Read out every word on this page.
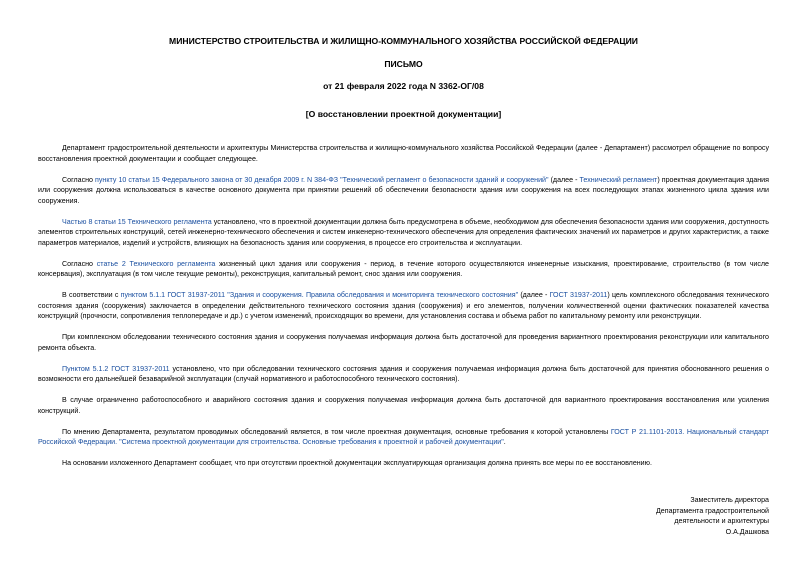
МИНИСТЕРСТВО СТРОИТЕЛЬСТВА И ЖИЛИЩНО-КОММУНАЛЬНОГО ХОЗЯЙСТВА РОССИЙСКОЙ ФЕДЕРАЦИИ
ПИСЬМО
от 21 февраля 2022 года N 3362-ОГ/08
[О восстановлении проектной документации]

Департамент градостроительной деятельности и архитектуры Министерства строительства и жилищно-коммунального хозяйства Российской Федерации (далее - Департамент) рассмотрел обращение по вопросу восстановления проектной документации и сообщает следующее.

Согласно пункту 10 статьи 15 Федерального закона от 30 декабря 2009 г. N 384-ФЗ "Технический регламент о безопасности зданий и сооружений" (далее - Технический регламент) проектная документация здания или сооружения должна использоваться в качестве основного документа при принятии решений об обеспечении безопасности здания или сооружения на всех последующих этапах жизненного цикла здания или сооружения.

Частью 8 статьи 15 Технического регламента установлено, что в проектной документации должна быть предусмотрена в объеме, необходимом для обеспечения безопасности здания или сооружения, доступность элементов строительных конструкций, сетей инженерно-технического обеспечения и систем инженерно-технического обеспечения для определения фактических значений их параметров и других характеристик, а также параметров материалов, изделий и устройств, влияющих на безопасность здания или сооружения, в процессе его строительства и эксплуатации.

Согласно статье 2 Технического регламента жизненный цикл здания или сооружения - период, в течение которого осуществляются инженерные изыскания, проектирование, строительство (в том числе консервация), эксплуатация (в том числе текущие ремонты), реконструкция, капитальный ремонт, снос здания или сооружения.

В соответствии с пунктом 5.1.1 ГОСТ 31937-2011 "Здания и сооружения. Правила обследования и мониторинга технического состояния" (далее - ГОСТ 31937-2011) цель комплексного обследования технического состояния здания (сооружения) заключается в определении действительного технического состояния здания (сооружения) и его элементов, получении количественной оценки фактических показателей качества конструкций (прочности, сопротивления теплопередаче и др.) с учетом изменений, происходящих во времени, для установления состава и объема работ по капитальному ремонту или реконструкции.

При комплексном обследовании технического состояния здания и сооружения получаемая информация должна быть достаточной для проведения вариантного проектирования реконструкции или капитального ремонта объекта.

Пунктом 5.1.2 ГОСТ 31937-2011 установлено, что при обследовании технического состояния здания и сооружения получаемая информация должна быть достаточной для принятия обоснованного решения о возможности его дальнейшей безаварийной эксплуатации (случай нормативного и работоспособного технического состояния).

В случае ограниченно работоспособного и аварийного состояния здания и сооружения получаемая информация должна быть достаточной для вариантного проектирования восстановления или усиления конструкций.

По мнению Департамента, результатом проводимых обследований является, в том числе проектная документация, основные требования к которой установлены ГОСТ Р 21.1101-2013. Национальный стандарт Российской Федерации. "Система проектной документации для строительства. Основные требования к проектной и рабочей документации".

На основании изложенного Департамент сообщает, что при отсутствии проектной документации эксплуатирующая организация должна принять все меры по ее восстановлению.

Заместитель директора
Департамента градостроительной
деятельности и архитектуры
О.А.Дашкова
